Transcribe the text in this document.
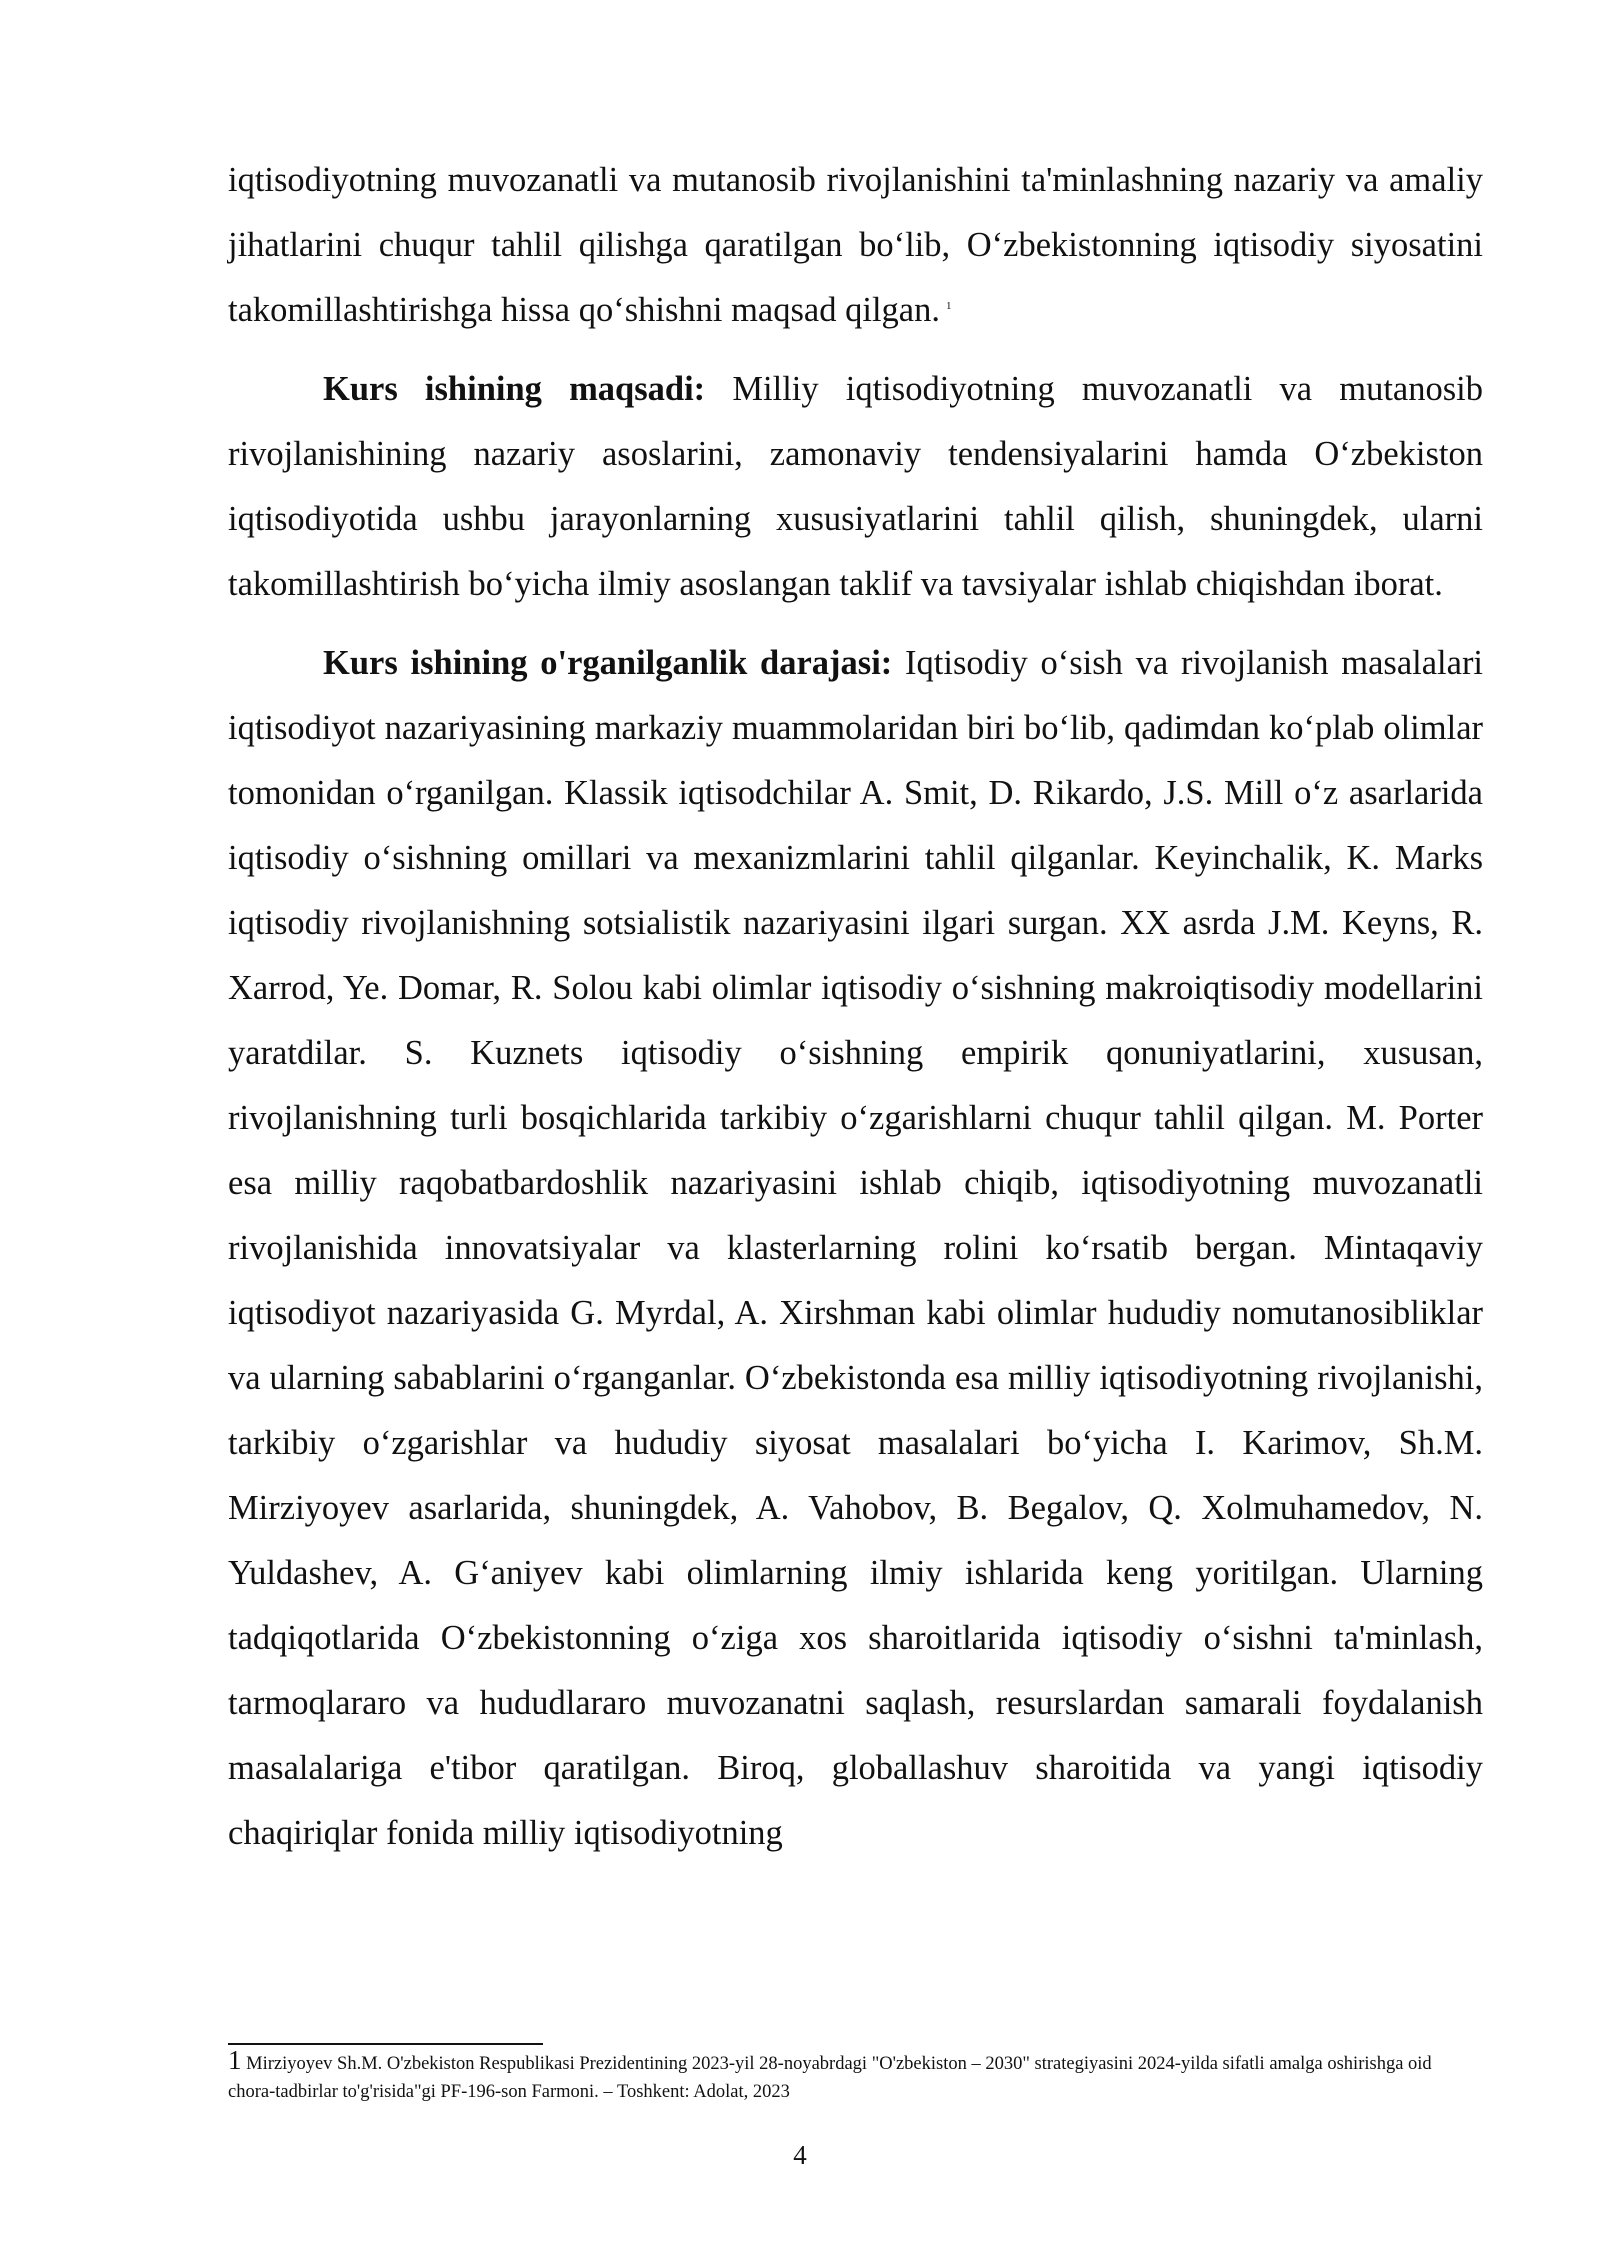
iqtisodiyotning muvozanatli va mutanosib rivojlanishini ta'minlashning nazariy va amaliy jihatlarini chuqur tahlil qilishga qaratilgan bo‘lib, O‘zbekistonning iqtisodiy siyosatini takomillashtirishga hissa qo‘shishni maqsad qilgan. $^1$

Kurs ishining maqsadi: Milliy iqtisodiyotning muvozanatli va mutanosib rivojlanishining nazariy asoslarini, zamonaviy tendensiyalarini hamda O‘zbekiston iqtisodiyotida ushbu jarayonlarning xususiyatlarini tahlil qilish, shuningdek, ularni takomillashtirish bo‘yicha ilmiy asoslangan taklif va tavsiyalar ishlab chiqishdan iborat.

Kurs ishining o'rganilganlik darajasi: Iqtisodiy o‘sish va rivojlanish masalalari iqtisodiyot nazariyasining markaziy muammolaridan biri bo‘lib, qadimdan ko‘plab olimlar tomonidan o‘rganilgan. Klassik iqtisodchilar A. Smit, D. Rikardo, J.S. Mill o‘z asarlarida iqtisodiy o‘sishning omillari va mexanizmlarini tahlil qilganlar. Keyinchalik, K. Marks iqtisodiy rivojlanishning sotsialistik nazariyasini ilgari surgan. XX asrda J.M. Keyns, R. Xarrod, Ye. Domar, R. Solou kabi olimlar iqtisodiy o‘sishning makroiqtisodiy modellarini yaratdilar. S. Kuznets iqtisodiy o‘sishning empirik qonuniyatlarini, xususan, rivojlanishning turli bosqichlarida tarkibiy o‘zgarishlarni chuqur tahlil qilgan. M. Porter esa milliy raqobatbardoshlik nazariyasini ishlab chiqib, iqtisodiyotning muvozanatli rivojlanishida innovatsiyalar va klasterlarning rolini ko‘rsatib bergan. Mintaqaviy iqtisodiyot nazariyasida G. Myrdal, A. Xirshman kabi olimlar hududiy nomutanosibliklar va ularning sabablarini o‘rganganlar. O‘zbekistonda esa milliy iqtisodiyotning rivojlanishi, tarkibiy o‘zgarishlar va hududiy siyosat masalalari bo‘yicha I. Karimov, Sh.M. Mirziyoyev asarlarida, shuningdek, A. Vahobov, B. Begalov, Q. Xolmuhamedov, N. Yuldashev, A. G‘aniyev kabi olimlarning ilmiy ishlarida keng yoritilgan. Ularning tadqiqotlarida O‘zbekistonning o‘ziga xos sharoitlarida iqtisodiy o‘sishni ta'minlash, tarmoqlararo va hududlararo muvozanatni saqlash, resurslardan samarali foydalanish masalalariga e'tibor qaratilgan. Biroq, globallashuv sharoitida va yangi iqtisodiy chaqiriqlar fonida milliy iqtisodiyotning

1 Mirziyoyev Sh.M. O'zbekiston Respublikasi Prezidentining 2023-yil 28-noyabrdagi "O'zbekiston – 2030" strategiyasini 2024-yilda sifatli amalga oshirishga oid chora-tadbirlar to'g'risida"gi PF-196-son Farmoni. – Toshkent: Adolat, 2023

4
